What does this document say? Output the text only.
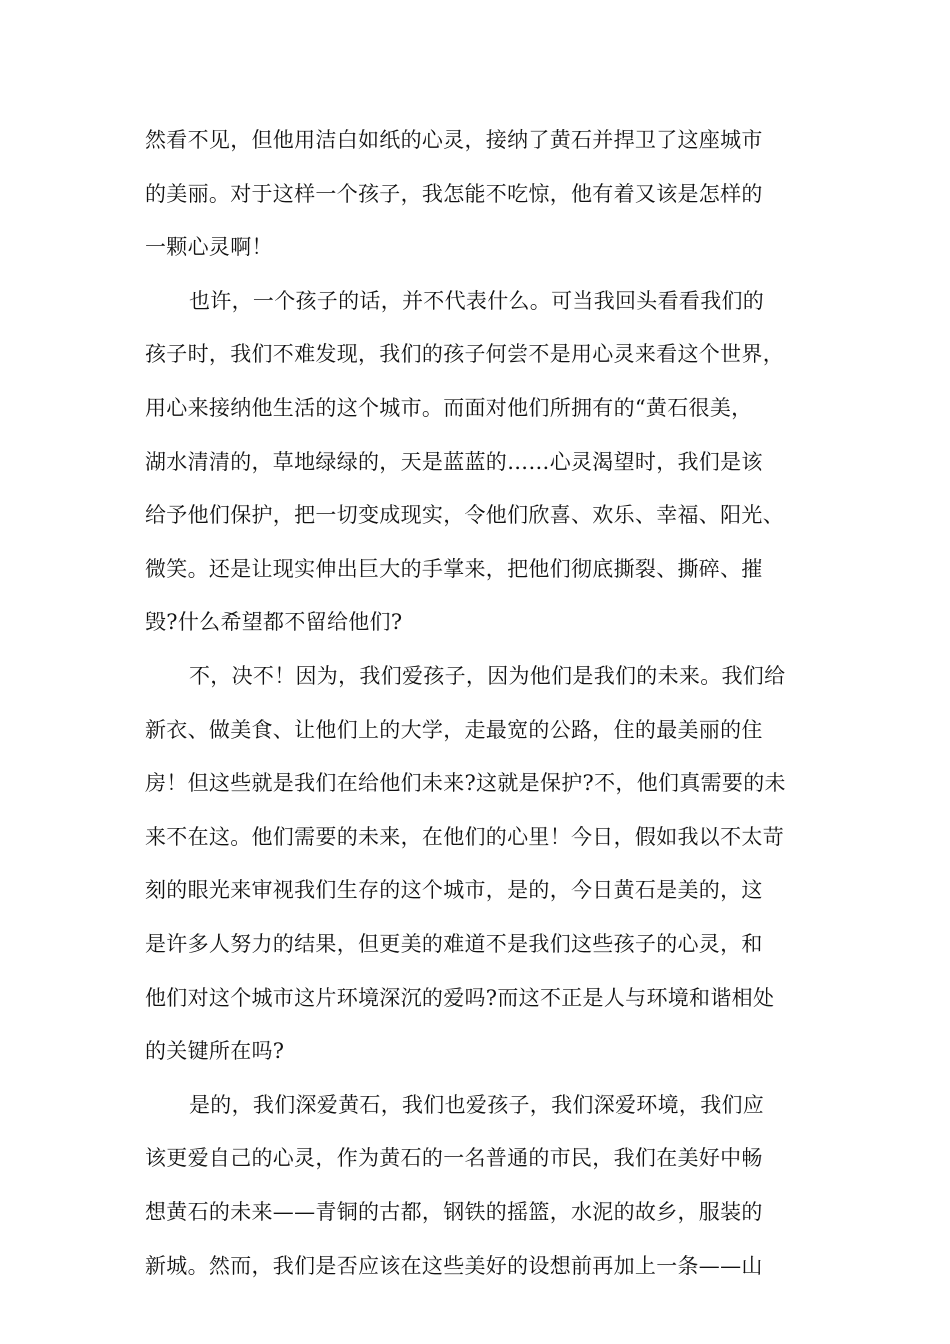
然看不见，但他用洁白如纸的心灵，接纳了黄石并捍卫了这座城市
的美丽。对于这样一个孩子，我怎能不吃惊，他有着又该是怎样的
一颗心灵啊！
也许，一个孩子的话，并不代表什么。可当我回头看看我们的
孩子时，我们不难发现，我们的孩子何尝不是用心灵来看这个世界，
用心来接纳他生活的这个城市。而面对他们所拥有的“黄石很美，
湖水清清的，草地绿绿的，天是蓝蓝的……心灵渴望时，我们是该
给予他们保护，把一切变成现实，令他们欣喜、欢乐、幸福、阳光、
微笑。还是让现实伸出巨大的手掌来，把他们彻底撕裂、撕碎、摧
毁?什么希望都不留给他们?
不，决不！因为，我们爱孩子，因为他们是我们的未来。我们给
新衣、做美食、让他们上的大学，走最宽的公路，住的最美丽的住
房！但这些就是我们在给他们未来?这就是保护?不，他们真需要的未
来不在这。他们需要的未来，在他们的心里！今日，假如我以不太苛
刻的眼光来审视我们生存的这个城市，是的，今日黄石是美的，这
是许多人努力的结果，但更美的难道不是我们这些孩子的心灵，和
他们对这个城市这片环境深沉的爱吗?而这不正是人与环境和谐相处
的关键所在吗?
是的，我们深爱黄石，我们也爱孩子，我们深爱环境，我们应
该更爱自己的心灵，作为黄石的一名普通的市民，我们在美好中畅
想黄石的未来——青铜的古都，钢铁的摇篮，水泥的故乡，服装的
新城。然而，我们是否应该在这些美好的设想前再加上一条——山
